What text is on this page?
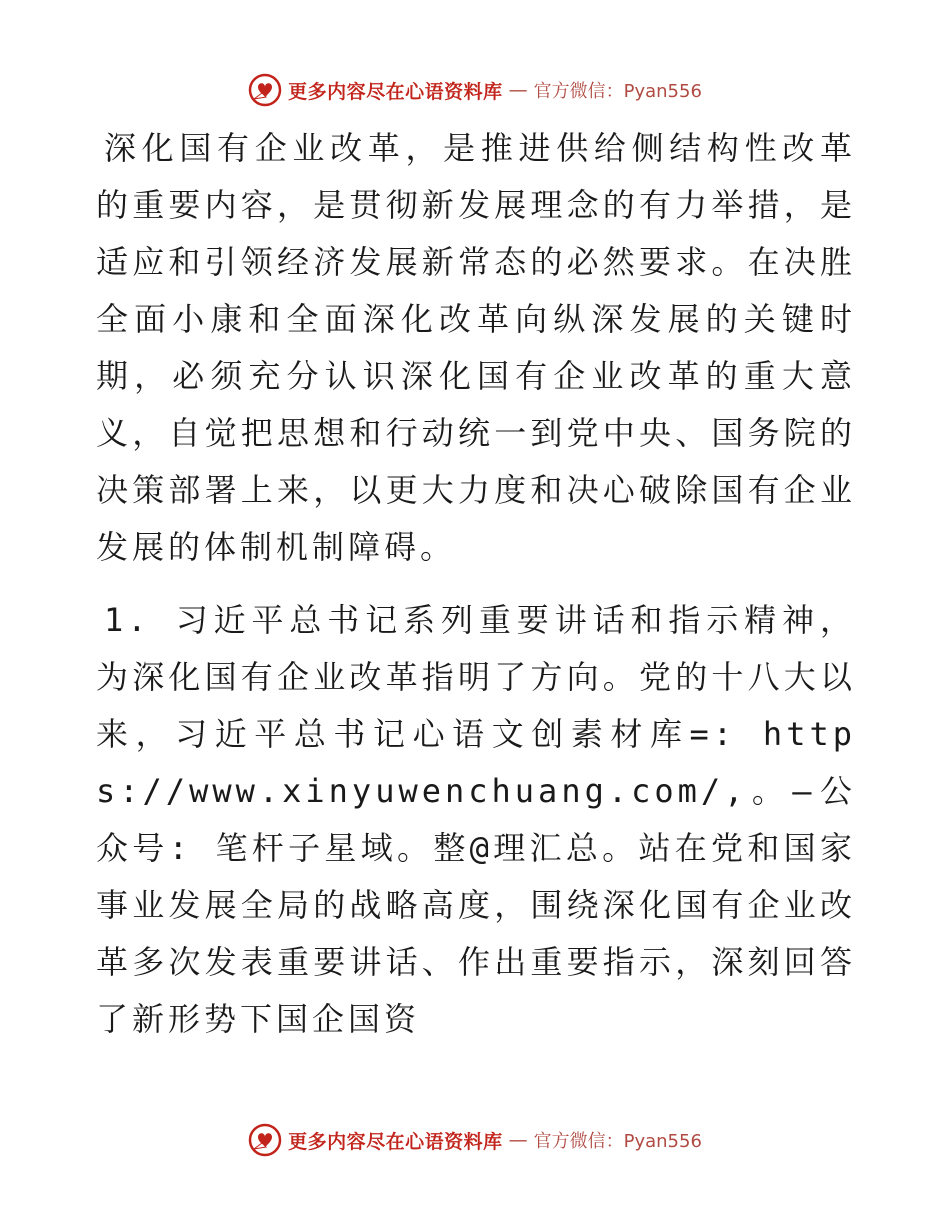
更多内容尽在心语资料库 — 官方微信：Pyan556

深化国有企业改革，是推进供给侧结构性改革的重要内容，是贯彻新发展理念的有力举措，是适应和引领经济发展新常态的必然要求。在决胜全面小康和全面深化改革向纵深发展的关键时期，必须充分认识深化国有企业改革的重大意义，自觉把思想和行动统一到党中央、国务院的决策部署上来，以更大力度和决心破除国有企业发展的体制机制障碍。

1. 习近平总书记系列重要讲话和指示精神，为深化国有企业改革指明了方向。党的十八大以来，习近平总书记心语文创素材库=: https://www.xinyuwenchuang.com/,。—公众号: 笔杆子星域。整@理汇总。站在党和国家事业发展全局的战略高度，围绕深化国有企业改革多次发表重要讲话、作出重要指示，深刻回答了新形势下国企国资

更多内容尽在心语资料库 — 官方微信：Pyan556
